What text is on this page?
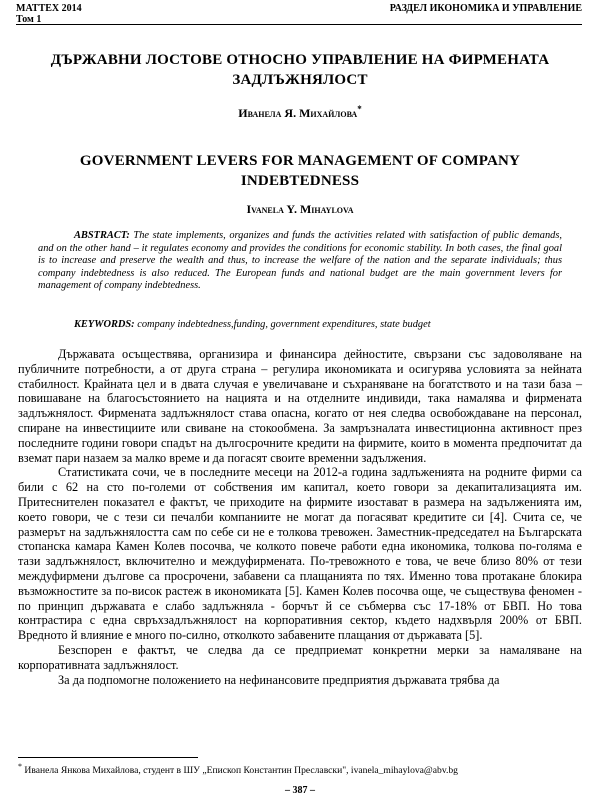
MATTEX 2014
Том 1
РАЗДЕЛ ИКОНОМИКА И УПРАВЛЕНИЕ
ДЪРЖАВНИ ЛОСТОВЕ ОТНОСНО УПРАВЛЕНИЕ НА ФИРМЕНАТА ЗАДЛЪЖНЯЛОСТ
Иванела Я. Михайлова*
GOVERNMENT LEVERS FOR MANAGEMENT OF COMPANY INDEBTEDNESS
Ivanela Y. Mihaylova
ABSTRACT: The state implements, organizes and funds the activities related with satisfaction of public demands, and on the other hand – it regulates economy and provides the conditions for economic stability. In both cases, the final goal is to increase and preserve the wealth and thus, to increase the welfare of the nation and the separate individuals; thus company indebtedness is also reduced. The European funds and national budget are the main government levers for management of company indebtedness.
KEYWORDS: company indebtedness,funding, government expenditures, state budget

Държавата осъществява, организира и финансира дейностите, свързани със задоволяване на публичните потребности, а от друга страна – регулира икономиката и осигурява условията за нейната стабилност. Крайната цел и в двата случая е увеличаване и съхраняване на богатството и на тази база – повишаване на благосъстоянието на нацията и на отделните индивиди, така намалява и фирмената задлъжнялост. Фирмената задлъжнялост става опасна, когато от нея следва освобождаване на персонал, спиране на инвестициите или свиване на стокообмена. За замръзналата инвестиционна активност през последните години говори спадът на дългосрочните кредити на фирмите, които в момента предпочитат да вземат пари назаем за малко време и да погасят своите временни задължения.

Статистиката сочи, че в последните месеци на 2012-а година задлъженията на родните фирми са били с 62 на сто по-големи от собствения им капитал, което говори за декапитализацията им. Притеснителен показател е фактът, че приходите на фирмите изостават в размера на задълженията им, което говори, че с тези си печалби компаниите не могат да погасяват кредитите си [4]. Счита се, че размерът на задлъжнялостта сам по себе си не е толкова тревожен. Заместник-председател на Българската стопанска камара Камен Колев посочва, че колкото повече работи една икономика, толкова по-голяма е тази задлъжнялост, включително и междуфирмената. По-тревожното е това, че вече близо 80% от тези междуфирмени дългове са просрочени, забавени са плащанията по тях. Именно това протакане блокира възможностите за по-висок растеж в икономиката [5]. Камен Колев посочва още, че съществува феномен - по принцип държавата е слабо задлъжняла - борчът й се събмерва със 17-18% от БВП. Но това контрастира с една свръхзадлъжнялост на корпоративния сектор, където надхвърля 200% от БВП. Вредното й влияние е много по-силно, отколкото забавените плащания от държавата [5].

Безспорен е фактът, че следва да се предприемат конкретни мерки за намаляване на корпоративната задлъжнялост.

За да подпомогне положението на нефинансовите предприятия държавата трябва да

* Иванела Янкова Михайлова, студент в ШУ „Епископ Константин Преславски", ivanela_mihaylova@abv.bg
– 387 –
